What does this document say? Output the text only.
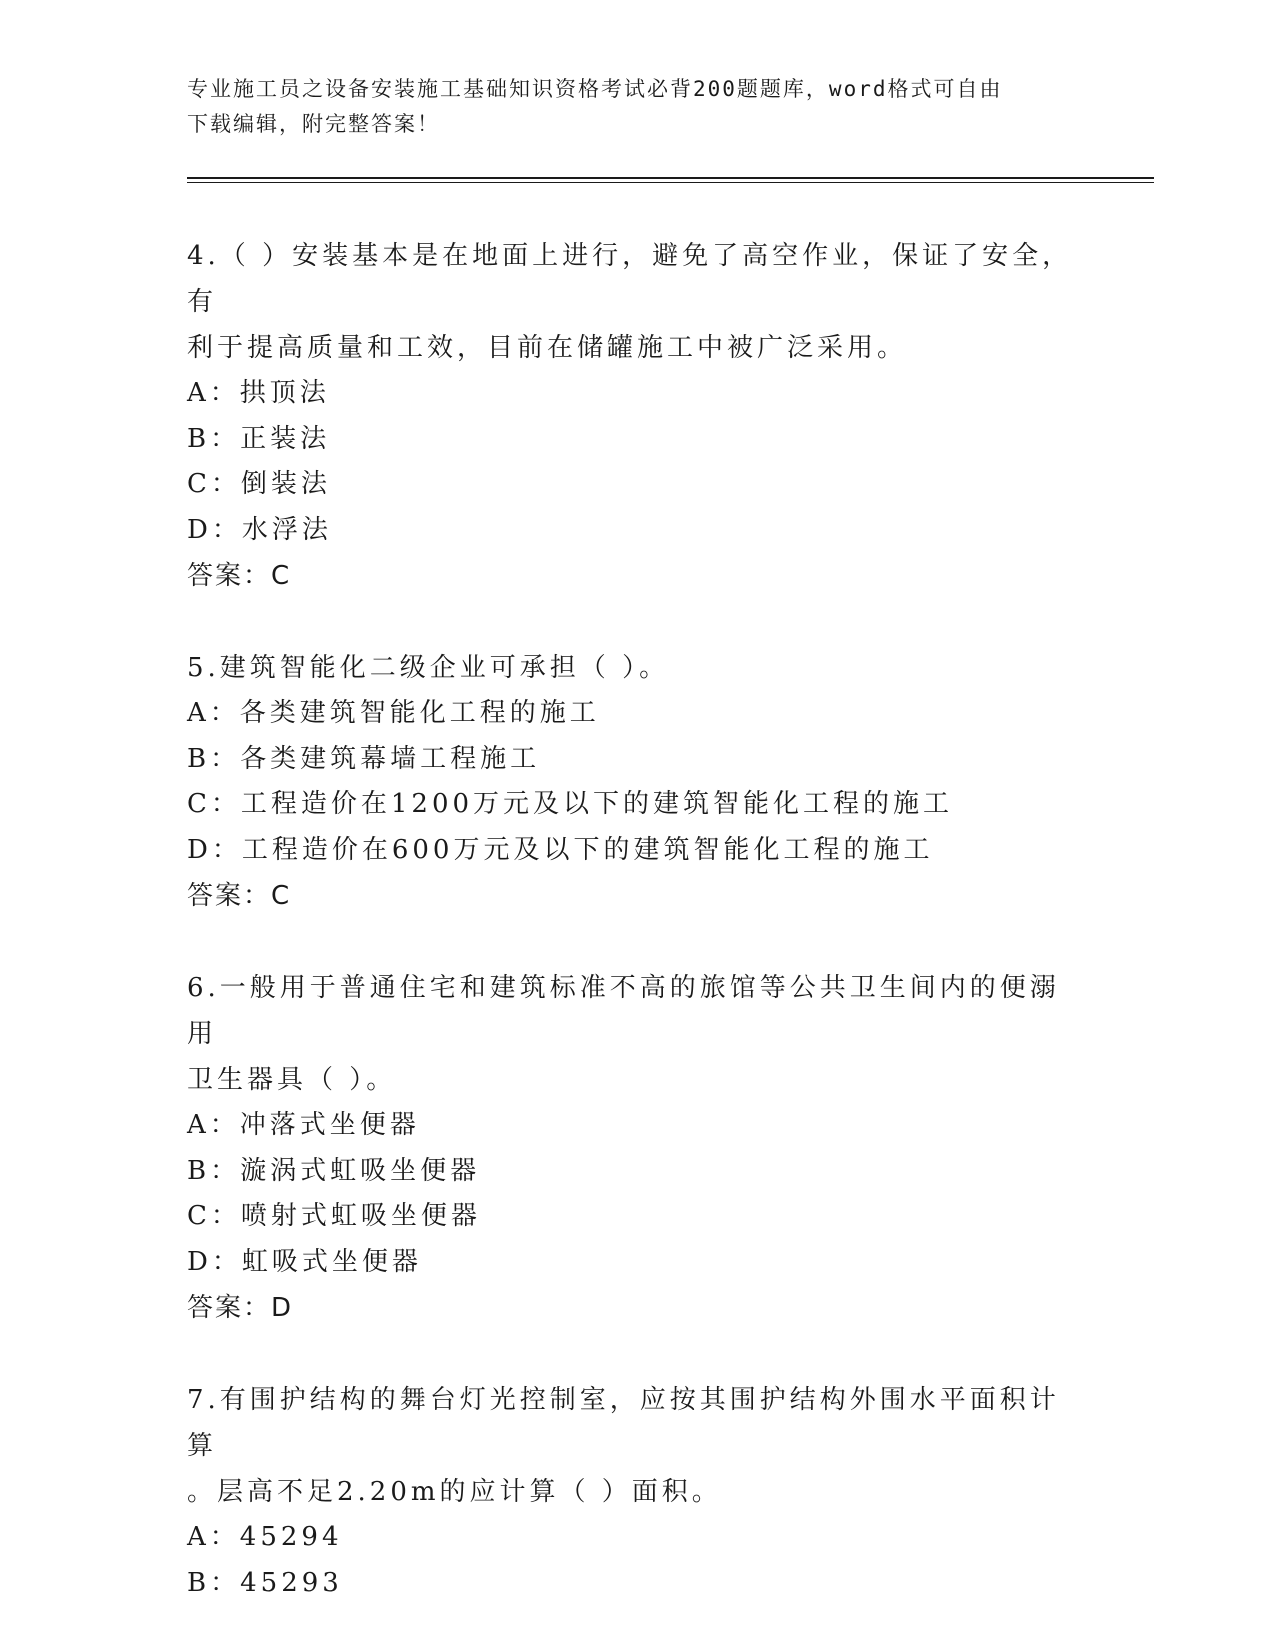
专业施工员之设备安装施工基础知识资格考试必背200题题库，word格式可自由
下载编辑，附完整答案！
4.（ ）安装基本是在地面上进行，避免了高空作业，保证了安全，有
利于提高质量和工效，目前在储罐施工中被广泛采用。
A：拱顶法
B：正装法
C：倒装法
D：水浮法
答案：C
5.建筑智能化二级企业可承担（ ）。
A：各类建筑智能化工程的施工
B：各类建筑幕墙工程施工
C：工程造价在1200万元及以下的建筑智能化工程的施工
D：工程造价在600万元及以下的建筑智能化工程的施工
答案：C
6.一般用于普通住宅和建筑标准不高的旅馆等公共卫生间内的便溺用
卫生器具（ ）。
A：冲落式坐便器
B：漩涡式虹吸坐便器
C：喷射式虹吸坐便器
D：虹吸式坐便器
答案：D
7.有围护结构的舞台灯光控制室，应按其围护结构外围水平面积计算
。层高不足2.20m的应计算（ ）面积。
A：45294
B：45293
